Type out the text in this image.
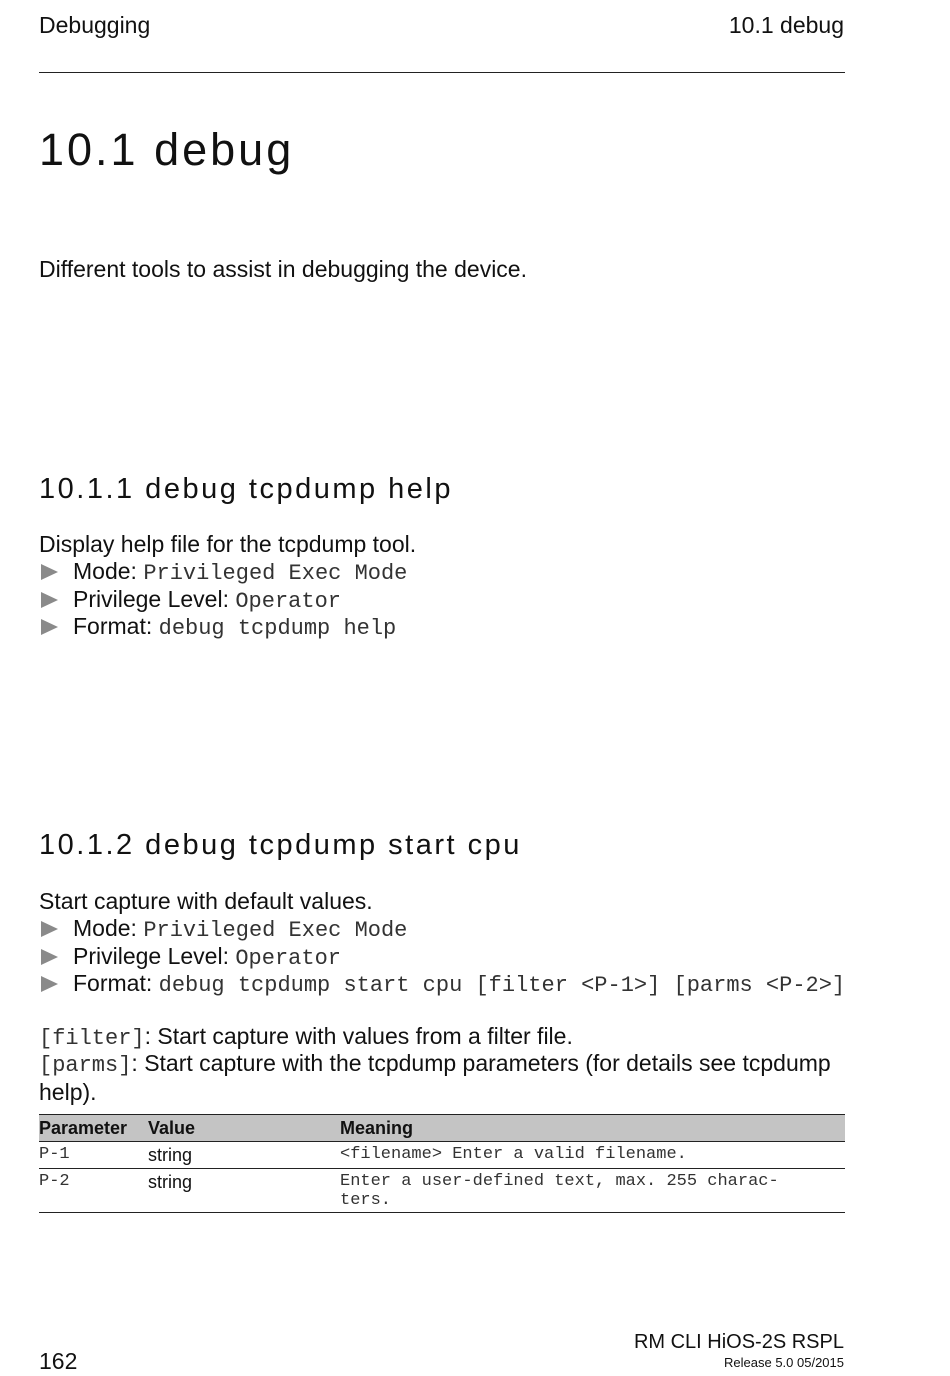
Debugging	10.1 debug
10.1 debug
Different tools to assist in debugging the device.
10.1.1 debug tcpdump help
Display help file for the tcpdump tool.
Mode: Privileged Exec Mode
Privilege Level: Operator
Format: debug tcpdump help
10.1.2 debug tcpdump start cpu
Start capture with default values.
Mode: Privileged Exec Mode
Privilege Level: Operator
Format: debug tcpdump start cpu [filter <P-1>] [parms <P-2>]
[filter]: Start capture with values from a filter file.
[parms]: Start capture with the tcpdump parameters (for details see tcpdump help).
Parameter	Value	Meaning
P-1	string	<filename> Enter a valid filename.
P-2	string	Enter a user-defined text, max. 255 charac- ters.
162
RM CLI HiOS-2S RSPL
Release 5.0 05/2015
